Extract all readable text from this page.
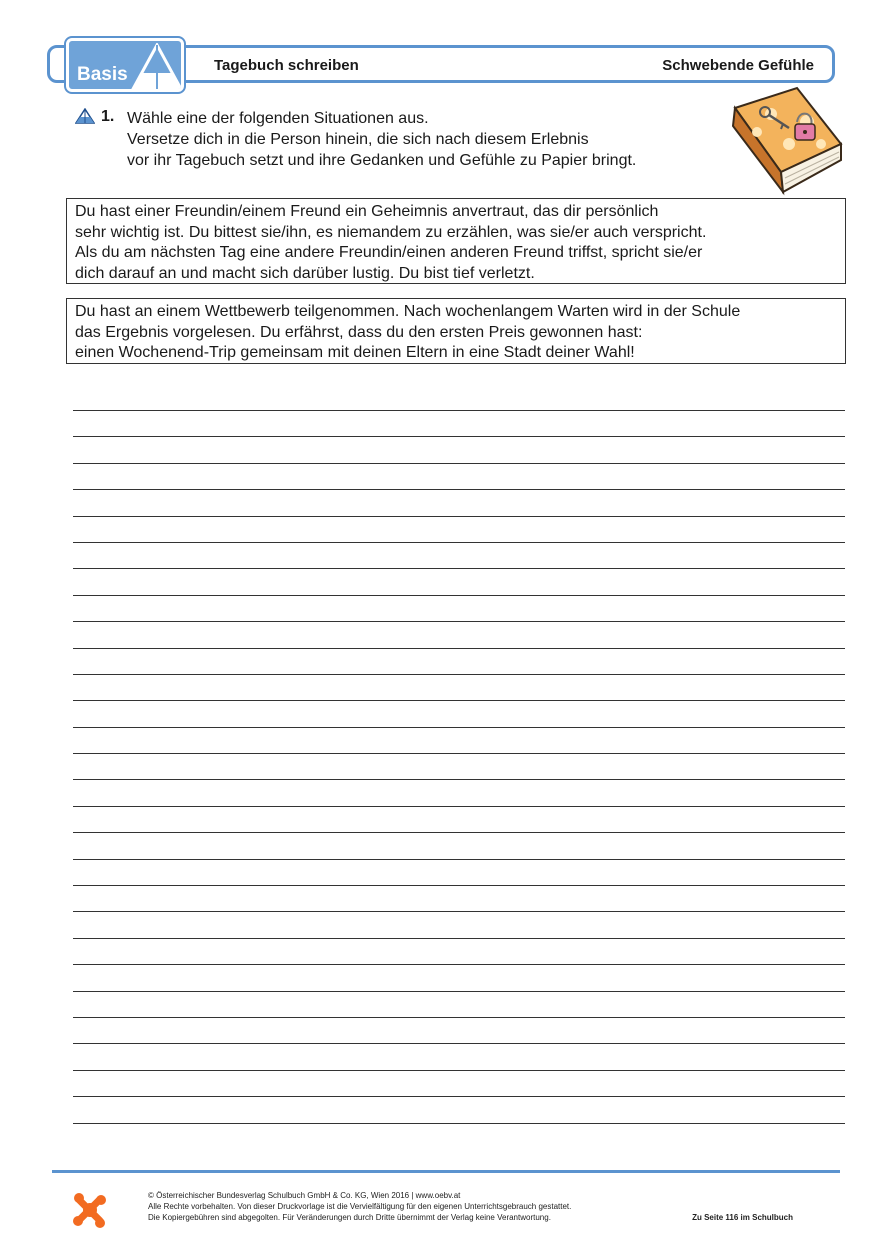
Basis	Tagebuch schreiben	Schwebende Gefühle
1. Wähle eine der folgenden Situationen aus.
Versetze dich in die Person hinein, die sich nach diesem Erlebnis
vor ihr Tagebuch setzt und ihre Gedanken und Gefühle zu Papier bringt.
Du hast einer Freundin/einem Freund ein Geheimnis anvertraut, das dir persönlich
sehr wichtig ist. Du bittest sie/ihn, es niemandem zu erzählen, was sie/er auch verspricht.
Als du am nächsten Tag eine andere Freundin/einen anderen Freund triffst, spricht sie/er
dich darauf an und macht sich darüber lustig. Du bist tief verletzt.
Du hast an einem Wettbewerb teilgenommen. Nach wochenlangem Warten wird in der Schule
das Ergebnis vorgelesen. Du erfährst, dass du den ersten Preis gewonnen hast:
einen Wochenend-Trip gemeinsam mit deinen Eltern in eine Stadt deiner Wahl!
© Österreichischer Bundesverlag Schulbuch GmbH & Co. KG, Wien 2016 | www.oebv.at
Alle Rechte vorbehalten. Von dieser Druckvorlage ist die Vervielfältigung für den eigenen Unterrichtsgebrauch gestattet.
Die Kopiergebühren sind abgegolten. Für Veränderungen durch Dritte übernimmt der Verlag keine Verantwortung.	Zu Seite 116 im Schulbuch
